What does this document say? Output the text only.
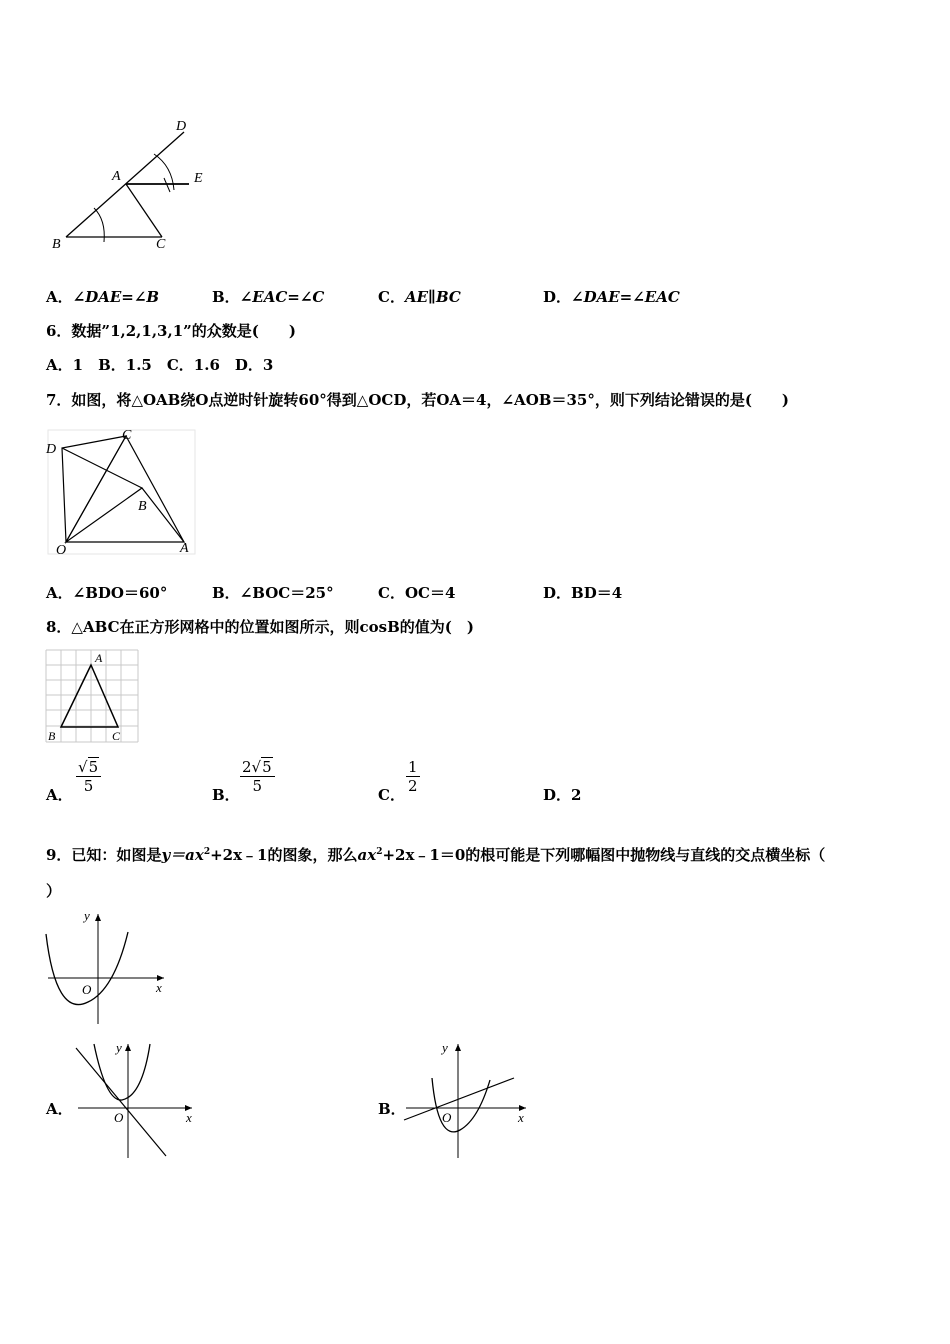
B	C
A
D
E
A．∠DAE=∠B	B．∠EAC=∠C	C．AE∥BC	D．∠DAE=∠EAC
6．数据”1,2,1,3,1”的众数是(　　)
A．1　B．1.5　C．1.6　D．3
7．如图，将△OAB绕O点逆时针旋转60°得到△OCD，若OA＝4，∠AOB＝35°，则下列结论错误的是(　　)
D
C
B
O	A
A．∠BDO＝60°	B．∠BOC＝25°	C．OC＝4	D．BD＝4
8．△ABC在正方形网格中的位置如图所示，则cosB的值为(　)
A
B	C
A． $\frac{√5}{5}$	B． $\frac{2√5}{5}$	C． $\frac{1}{2}$	D．2
9．已知：如图是$y=ax^2+2x﹣1$的图象，那么$ax^2+2x﹣1=0$的根可能是下列哪幅图中抛物线与直线的交点横坐标（
）
y
x
O
A．
y
x
O	B．
y
x
O
